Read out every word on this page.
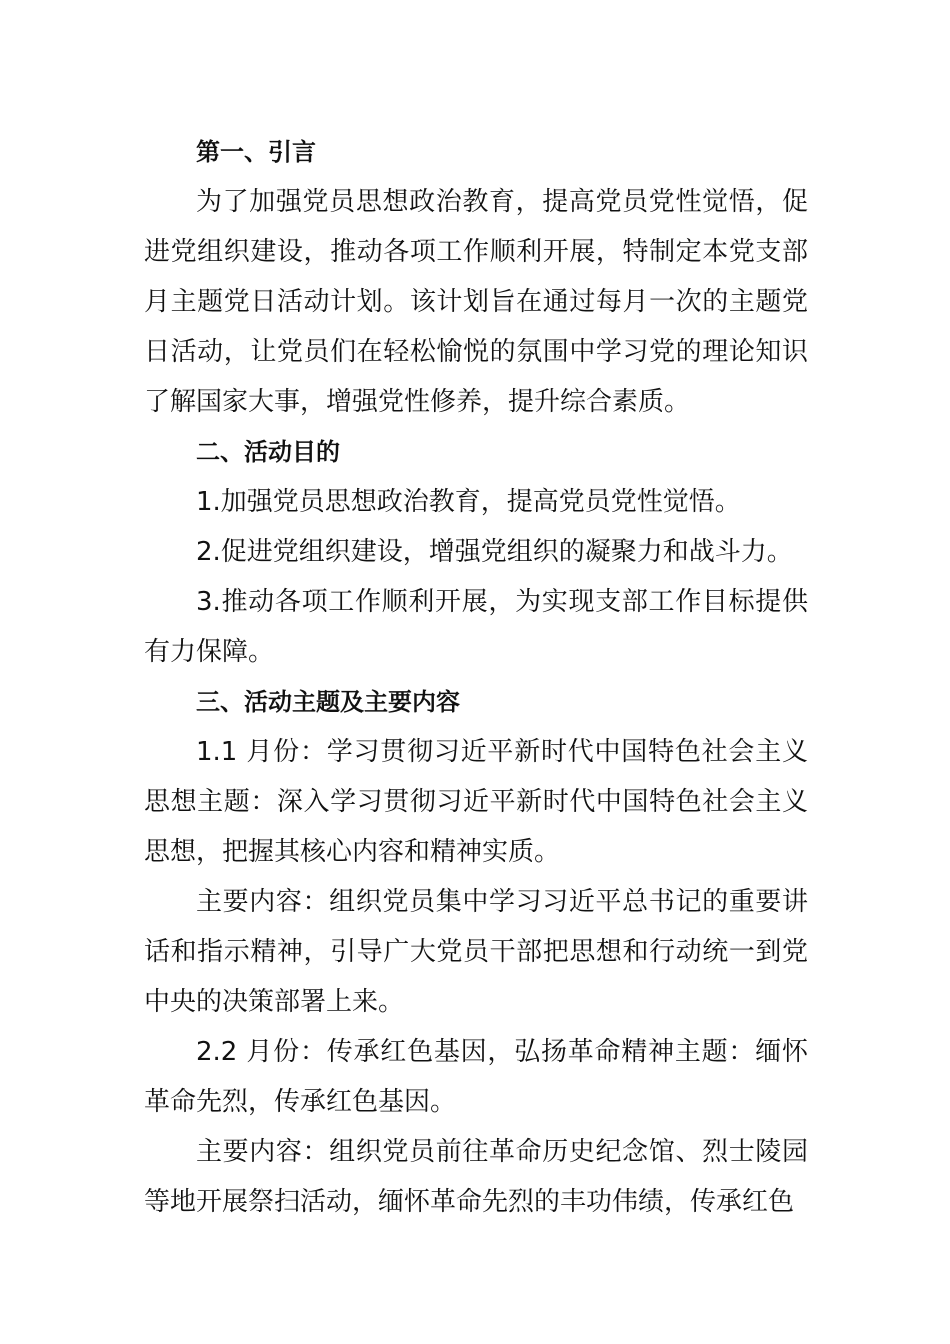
第一、引言

为了加强党员思想政治教育，提高党员党性觉悟，促进党组织建设，推动各项工作顺利开展，特制定本党支部月主题党日活动计划。该计划旨在通过每月一次的主题党日活动，让党员们在轻松愉悦的氛围中学习党的理论知识了解国家大事，增强党性修养，提升综合素质。

二、活动目的

1.加强党员思想政治教育，提高党员党性觉悟。

2.促进党组织建设，增强党组织的凝聚力和战斗力。

3.推动各项工作顺利开展，为实现支部工作目标提供有力保障。

三、活动主题及主要内容

1.1 月份：学习贯彻习近平新时代中国特色社会主义思想主题：深入学习贯彻习近平新时代中国特色社会主义思想，把握其核心内容和精神实质。

主要内容：组织党员集中学习习近平总书记的重要讲话和指示精神，引导广大党员干部把思想和行动统一到党中央的决策部署上来。

2.2 月份：传承红色基因，弘扬革命精神主题：缅怀革命先烈，传承红色基因。

主要内容：组织党员前往革命历史纪念馆、烈士陵园等地开展祭扫活动，缅怀革命先烈的丰功伟绩，传承红色
